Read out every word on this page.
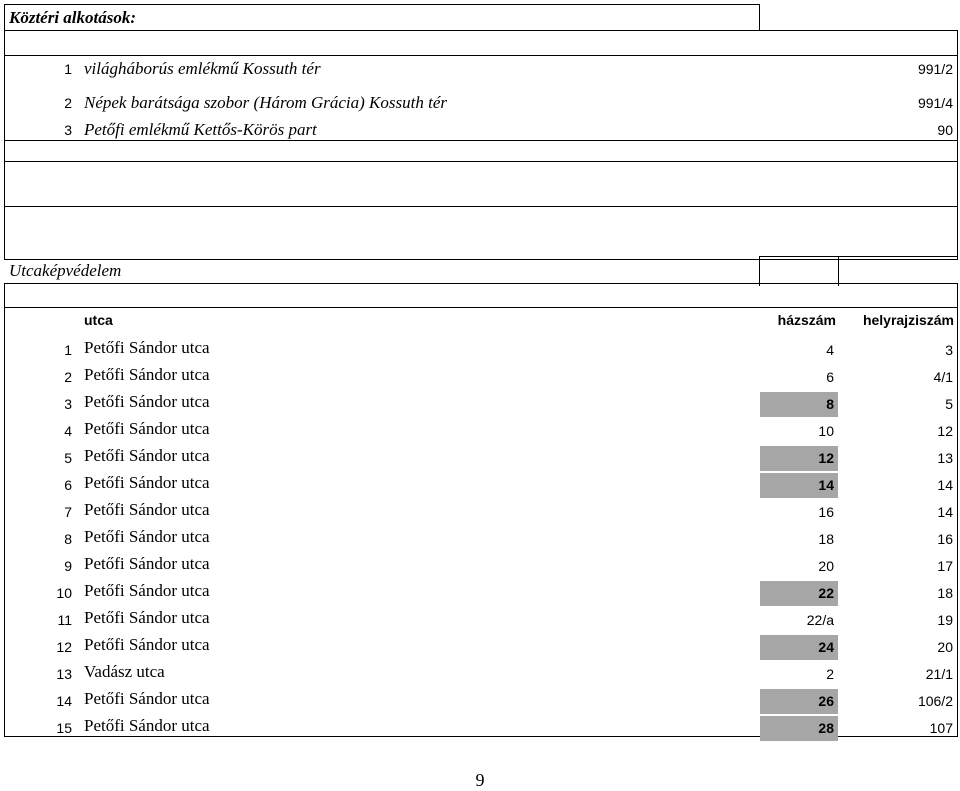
Köztéri alkotások:
1 világháborús emlékmű Kossuth tér	991/2
2 Népek barátsága szobor (Három Grácia) Kossuth tér	991/4
3 Petőfi emlékmű Kettős-Körös part	90
Utcaképvédelem
utca	házszám	helyrajziszám
1 Petőfi Sándor utca	4	3
2 Petőfi Sándor utca	6	4/1
3 Petőfi Sándor utca	8	5
4 Petőfi Sándor utca	10	12
5 Petőfi Sándor utca	12	13
6 Petőfi Sándor utca	14	14
7 Petőfi Sándor utca	16	14
8 Petőfi Sándor utca	18	16
9 Petőfi Sándor utca	20	17
10 Petőfi Sándor utca	22	18
11 Petőfi Sándor utca	22/a	19
12 Petőfi Sándor utca	24	20
13 Vadász utca	2	21/1
14 Petőfi Sándor utca	26	106/2
15 Petőfi Sándor utca	28	107
9
